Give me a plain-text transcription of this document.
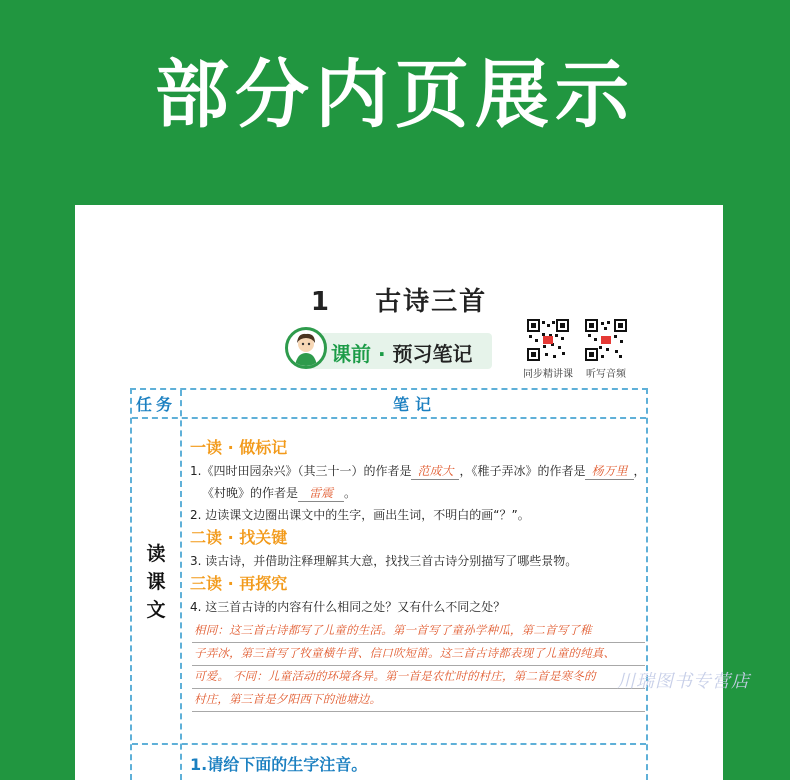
部分内页展示
1 古诗三首
课前 · 预习笔记
同步精讲课	听写音频
任务	笔记
读课文
一读 · 做标记
1.《四时田园杂兴》（其三十一）的作者是 范成大 ，《稚子弄冰》的作者是 杨万里 ，
《村晚》的作者是 雷震 。
2. 边读课文边圈出课文中的生字，画出生词，不明白的画“？”。
二读 · 找关键
3. 读古诗，并借助注释理解其大意，找找三首古诗分别描写了哪些景物。
三读 · 再探究
4. 这三首古诗的内容有什么相同之处？又有什么不同之处？
相同：这三首古诗都写了儿童的生活。第一首写了童孙学种瓜，第二首写了稚
子弄冰，第三首写了牧童横牛背、信口吹短笛。这三首古诗都表现了儿童的纯真、
可爱。 不同：儿童活动的环境各异。第一首是农忙时的村庄，第二首是寒冬的
村庄，第三首是夕阳西下的池塘边。
1.请给下面的生字注音。
川瑞图书专营店
